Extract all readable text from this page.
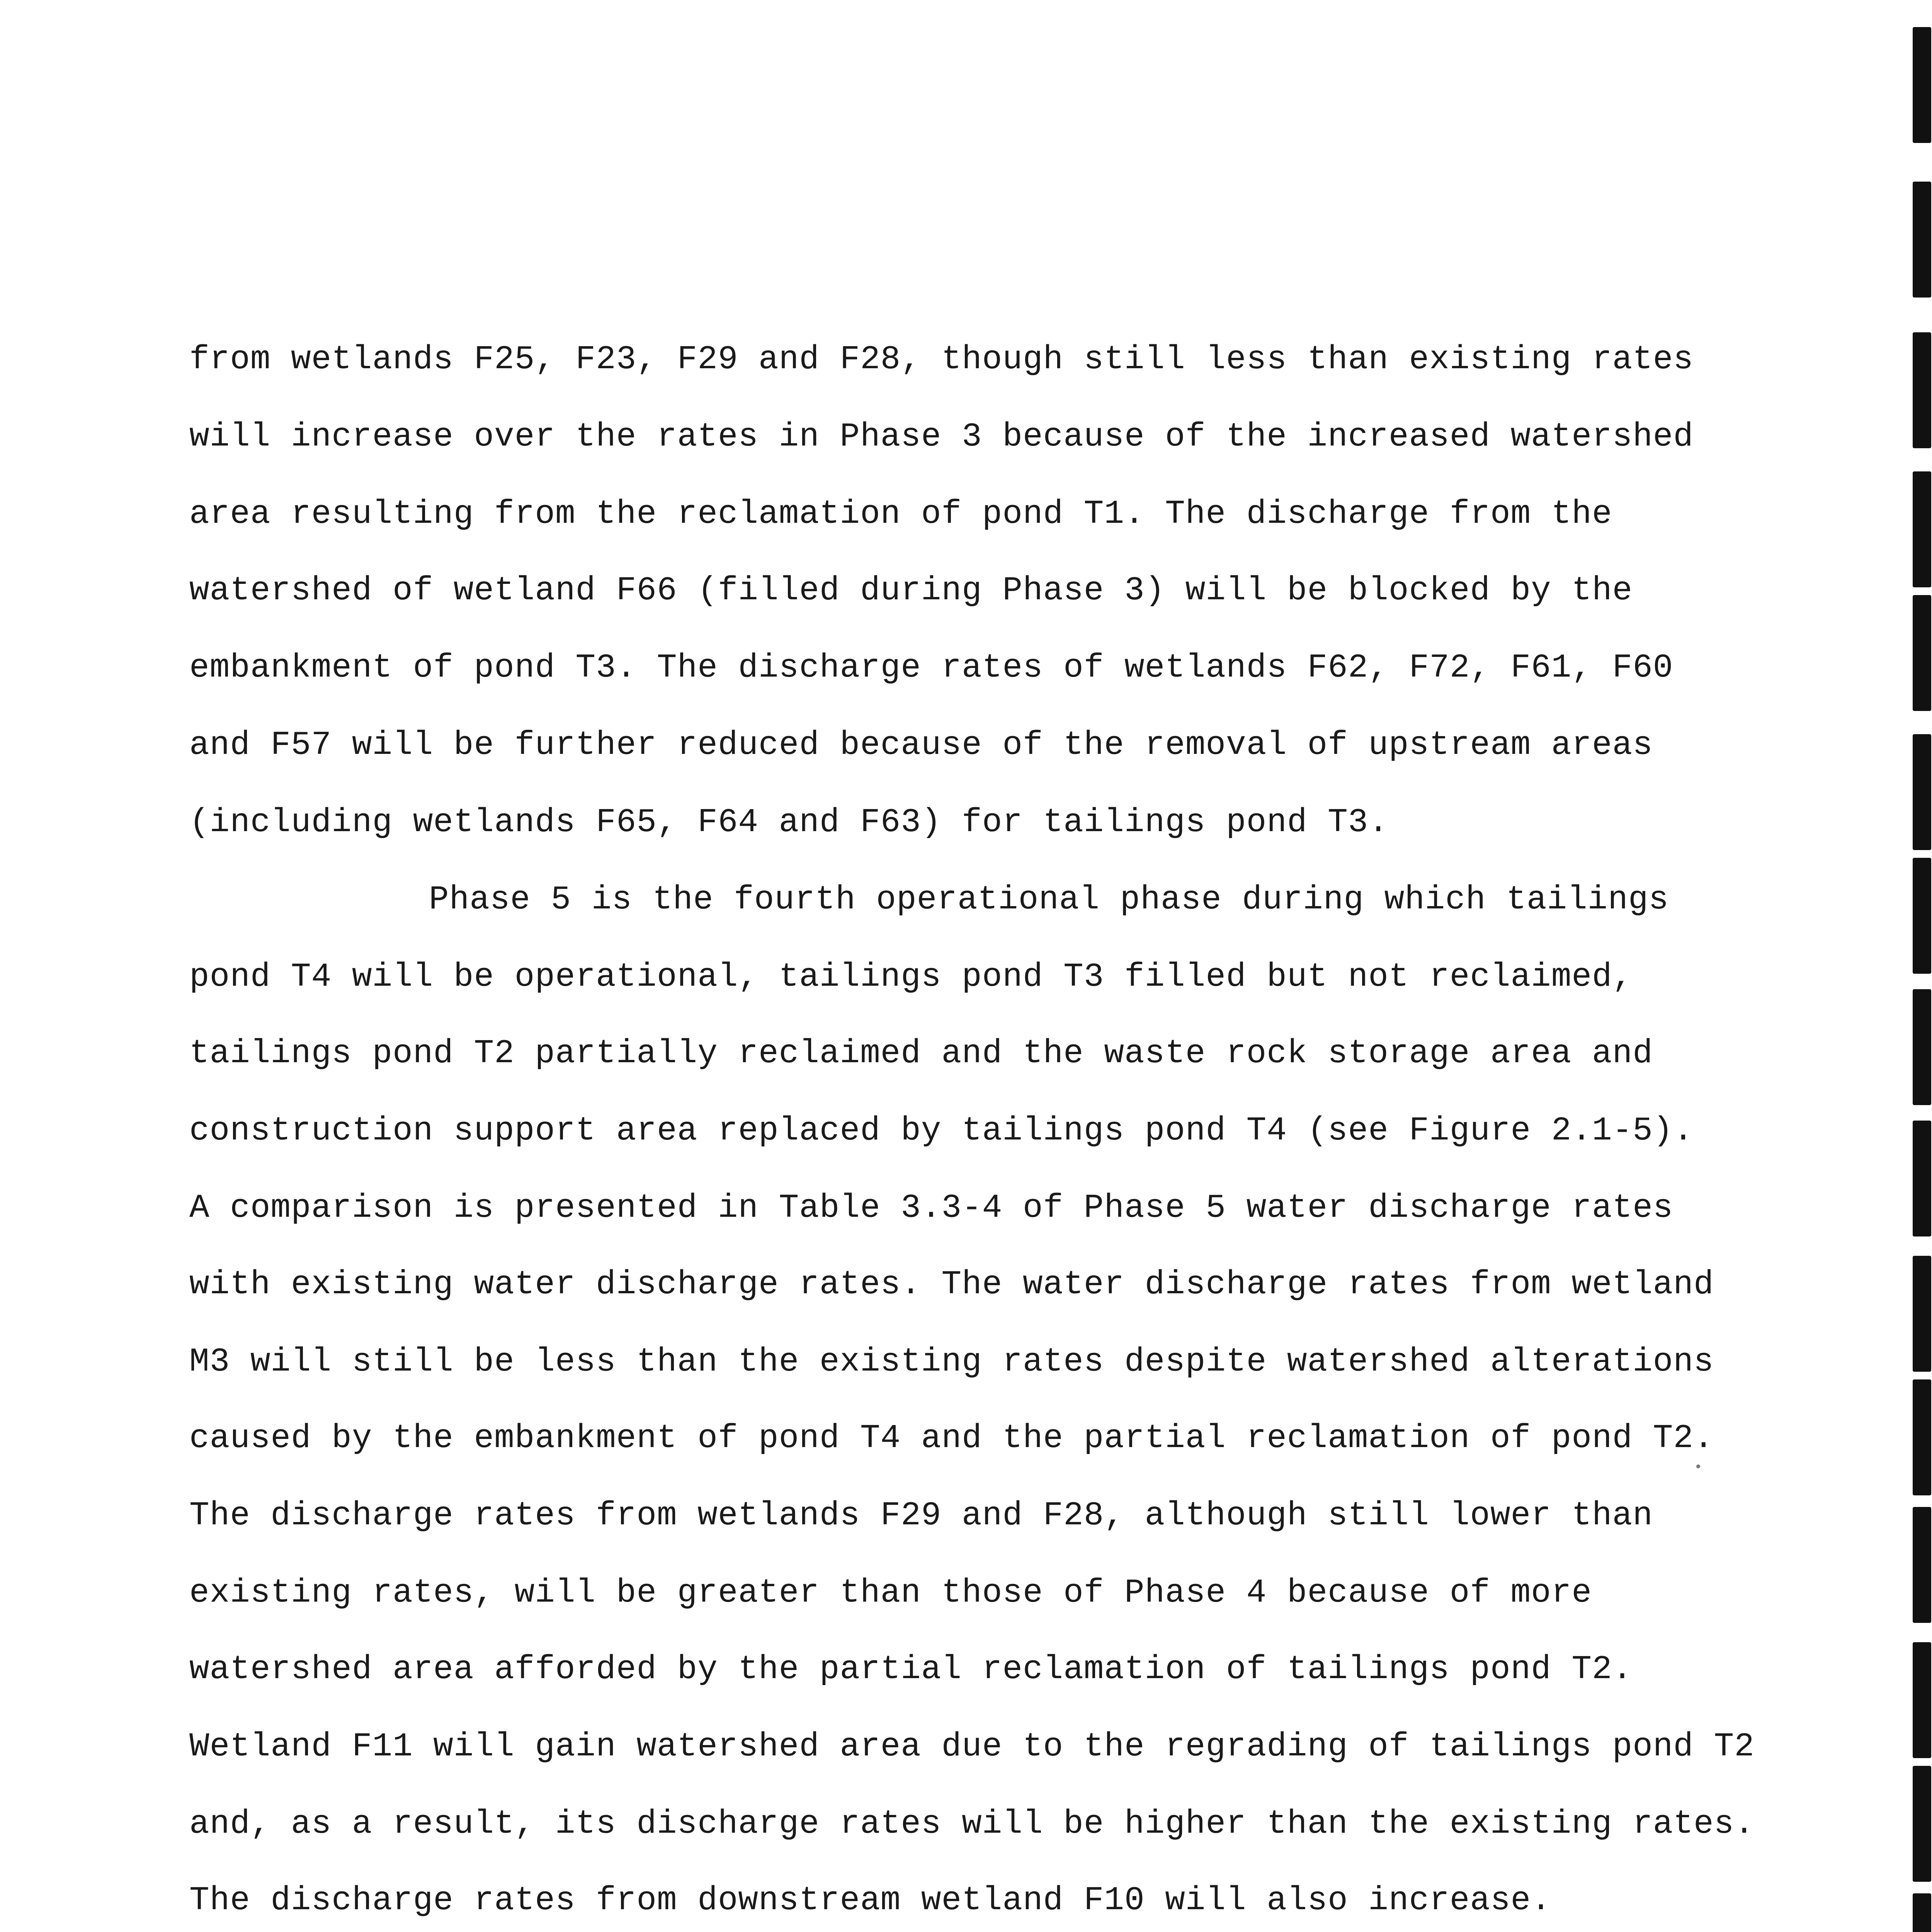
from wetlands F25, F23, F29 and F28, though still less than existing rates
will increase over the rates in Phase 3 because of the increased watershed
area resulting from the reclamation of pond T1. The discharge from the
watershed of wetland F66 (filled during Phase 3) will be blocked by the
embankment of pond T3. The discharge rates of wetlands F62, F72, F61, F60
and F57 will be further reduced because of the removal of upstream areas
(including wetlands F65, F64 and F63) for tailings pond T3.
Phase 5 is the fourth operational phase during which tailings
pond T4 will be operational, tailings pond T3 filled but not reclaimed,
tailings pond T2 partially reclaimed and the waste rock storage area and
construction support area replaced by tailings pond T4 (see Figure 2.1-5).
A comparison is presented in Table 3.3-4 of Phase 5 water discharge rates
with existing water discharge rates. The water discharge rates from wetland
M3 will still be less than the existing rates despite watershed alterations
caused by the embankment of pond T4 and the partial reclamation of pond T2.
The discharge rates from wetlands F29 and F28, although still lower than
existing rates, will be greater than those of Phase 4 because of more
watershed area afforded by the partial reclamation of tailings pond T2.
Wetland F11 will gain watershed area due to the regrading of tailings pond T2
and, as a result, its discharge rates will be higher than the existing rates.
The discharge rates from downstream wetland F10 will also increase.
